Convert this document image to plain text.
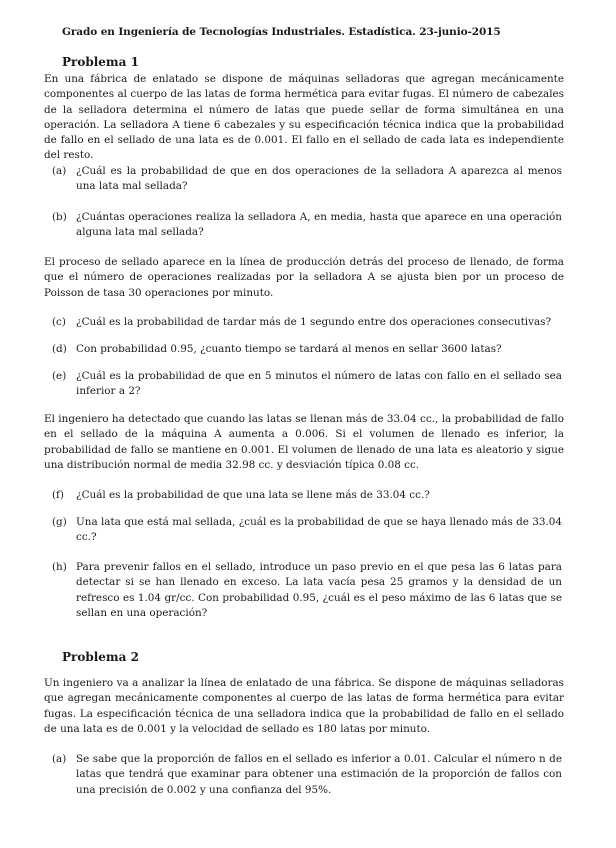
Grado en Ingeniería de Tecnologías Industriales. Estadística. 23-junio-2015
Problema 1
En una fábrica de enlatado se dispone de máquinas selladoras que agregan mecánicamente componentes al cuerpo de las latas de forma hermética para evitar fugas. El número de cabezales de la selladora determina el número de latas que puede sellar de forma simultánea en una operación. La selladora A tiene 6 cabezales y su especificación técnica indica que la probabilidad de fallo en el sellado de una lata es de 0.001. El fallo en el sellado de cada lata es independiente del resto.
(a) ¿Cuál es la probabilidad de que en dos operaciones de la selladora A aparezca al menos una lata mal sellada?
(b) ¿Cuántas operaciones realiza la selladora A, en media, hasta que aparece en una operación alguna lata mal sellada?
El proceso de sellado aparece en la línea de producción detrás del proceso de llenado, de forma que el número de operaciones realizadas por la selladora A se ajusta bien por un proceso de Poisson de tasa 30 operaciones por minuto.
(c) ¿Cuál es la probabilidad de tardar más de 1 segundo entre dos operaciones consecutivas?
(d) Con probabilidad 0.95, ¿cuanto tiempo se tardará al menos en sellar 3600 latas?
(e) ¿Cuál es la probabilidad de que en 5 minutos el número de latas con fallo en el sellado sea inferior a 2?
El ingeniero ha detectado que cuando las latas se llenan más de 33.04 cc., la probabilidad de fallo en el sellado de la máquina A aumenta a 0.006. Si el volumen de llenado es inferior, la probabilidad de fallo se mantiene en 0.001. El volumen de llenado de una lata es aleatorio y sigue una distribución normal de media 32.98 cc. y desviación típica 0.08 cc.
(f)	¿Cuál es la probabilidad de que una lata se llene más de 33.04 cc.?
(g) Una lata que está mal sellada, ¿cuál es la probabilidad de que se haya llenado más de 33.04 cc.?
(h) Para prevenir fallos en el sellado, introduce un paso previo en el que pesa las 6 latas para detectar si se han llenado en exceso. La lata vacía pesa 25 gramos y la densidad de un refresco es 1.04 gr/cc. Con probabilidad 0.95, ¿cuál es el peso máximo de las 6 latas que se sellan en una operación?
Problema 2
Un ingeniero va a analizar la línea de enlatado de una fábrica. Se dispone de máquinas selladoras que agregan mecánicamente componentes al cuerpo de las latas de forma hermética para evitar fugas. La especificación técnica de una selladora indica que la probabilidad de fallo en el sellado de una lata es de 0.001 y la velocidad de sellado es 180 latas por minuto.
(a) Se sabe que la proporción de fallos en el sellado es inferior a 0.01. Calcular el número n de latas que tendrá que examinar para obtener una estimación de la proporción de fallos con una precisión de 0.002 y una confianza del 95%.
